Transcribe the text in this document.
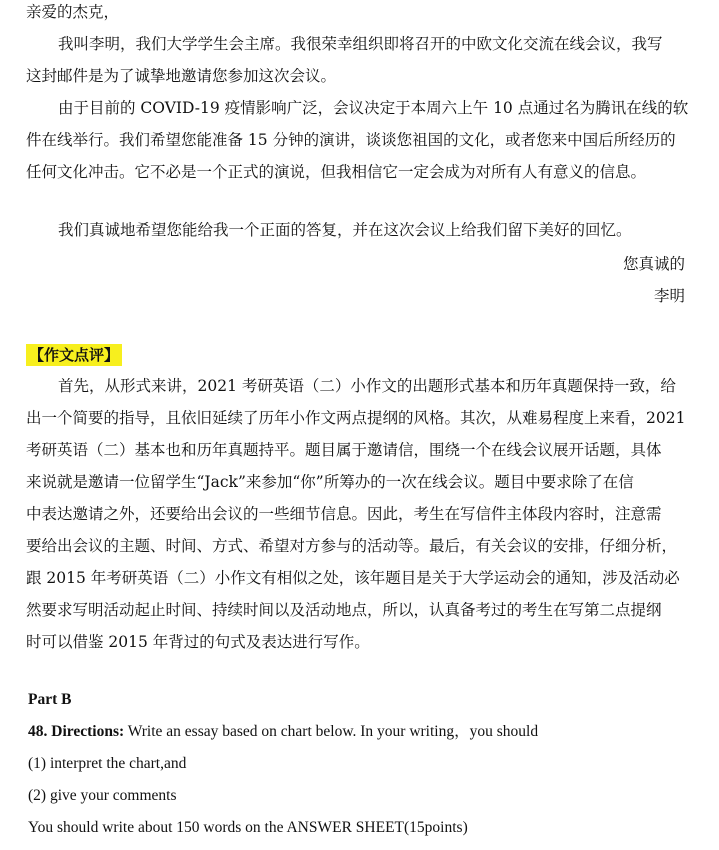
亲爱的杰克，
我叫李明，我们大学学生会主席。我很荣幸组织即将召开的中欧文化交流在线会议，我写
这封邮件是为了诚挚地邀请您参加这次会议。
由于目前的 COVID-19 疫情影响广泛，会议决定于本周六上午 10 点通过名为腾讯在线的软
件在线举行。我们希望您能准备 15 分钟的演讲，谈谈您祖国的文化，或者您来中国后所经历的
任何文化冲击。它不必是一个正式的演说，但我相信它一定会成为对所有人有意义的信息。
我们真诚地希望您能给我一个正面的答复，并在这次会议上给我们留下美好的回忆。
您真诚的
李明
【作文点评】
首先，从形式来讲，2021 考研英语（二）小作文的出题形式基本和历年真题保持一致，给
出一个简要的指导，且依旧延续了历年小作文两点提纲的风格。其次，从难易程度上来看，2021
考研英语（二）基本也和历年真题持平。题目属于邀请信，围绕一个在线会议展开话题，具体
来说就是邀请一位留学生“Jack”来参加“你”所筹办的一次在线会议。题目中要求除了在信
中表达邀请之外，还要给出会议的一些细节信息。因此，考生在写信件主体段内容时，注意需
要给出会议的主题、时间、方式、希望对方参与的活动等。最后，有关会议的安排，仔细分析，
跟 2015 年考研英语（二）小作文有相似之处，该年题目是关于大学运动会的通知，涉及活动必
然要求写明活动起止时间、持续时间以及活动地点，所以，认真备考过的考生在写第二点提纲
时可以借鉴 2015 年背过的句式及表达进行写作。
Part B
48. Directions: Write an essay based on chart below. In your writing，you should
(1) interpret the chart,and
(2) give your comments
You should write about 150 words on the ANSWER SHEET(15points)
